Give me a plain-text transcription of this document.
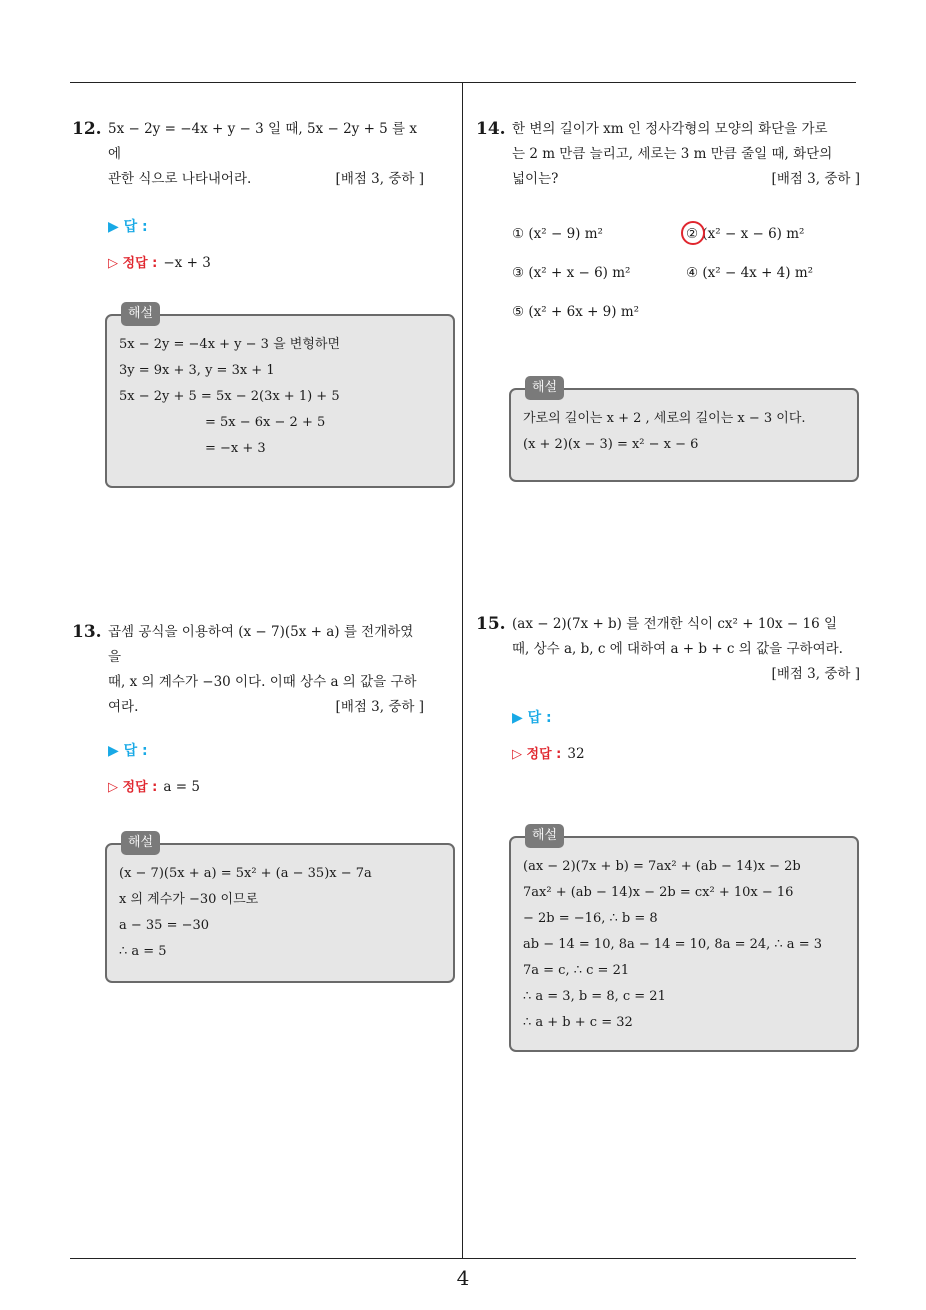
12. 5x − 2y = −4x + y − 3 일 때, 5x − 2y + 5 를 x 에
관한 식으로 나타내어라.	[배점 3, 중하 ]
▶ 답 :
▷ 정답 : −x + 3
해설
5x − 2y = −4x + y − 3 을 변형하면
3y = 9x + 3, y = 3x + 1
5x − 2y + 5 = 5x − 2(3x + 1) + 5
= 5x − 6x − 2 + 5
= −x + 3
13. 곱셈 공식을 이용하여 (x − 7)(5x + a) 를 전개하였을
때, x 의 계수가 −30 이다. 이때 상수 a 의 값을 구하
여라.	[배점 3, 중하 ]
▶ 답 :
▷ 정답 : a = 5
해설
(x − 7)(5x + a) = 5x² + (a − 35)x − 7a
x 의 계수가 −30 이므로
a − 35 = −30
∴ a = 5
14. 한 변의 길이가 xm 인 정사각형의 모양의 화단을 가로
는 2 m 만큼 늘리고, 세로는 3 m 만큼 줄일 때, 화단의
넓이는?	[배점 3, 중하 ]
① (x² − 9) m²	② (x² − x − 6) m²
③ (x² + x − 6) m²	④ (x² − 4x + 4) m²
⑤ (x² + 6x + 9) m²
해설
가로의 길이는 x + 2 , 세로의 길이는 x − 3 이다.
(x + 2)(x − 3) = x² − x − 6
15. (ax − 2)(7x + b) 를 전개한 식이 cx² + 10x − 16 일
때, 상수 a, b, c 에 대하여 a + b + c 의 값을 구하여라.
[배점 3, 중하 ]
▶ 답 :
▷ 정답 : 32
해설
(ax − 2)(7x + b) = 7ax² + (ab − 14)x − 2b
7ax² + (ab − 14)x − 2b = cx² + 10x − 16
− 2b = −16, ∴ b = 8
ab − 14 = 10, 8a − 14 = 10, 8a = 24, ∴ a = 3
7a = c, ∴ c = 21
∴ a = 3, b = 8, c = 21
∴ a + b + c = 32
4
